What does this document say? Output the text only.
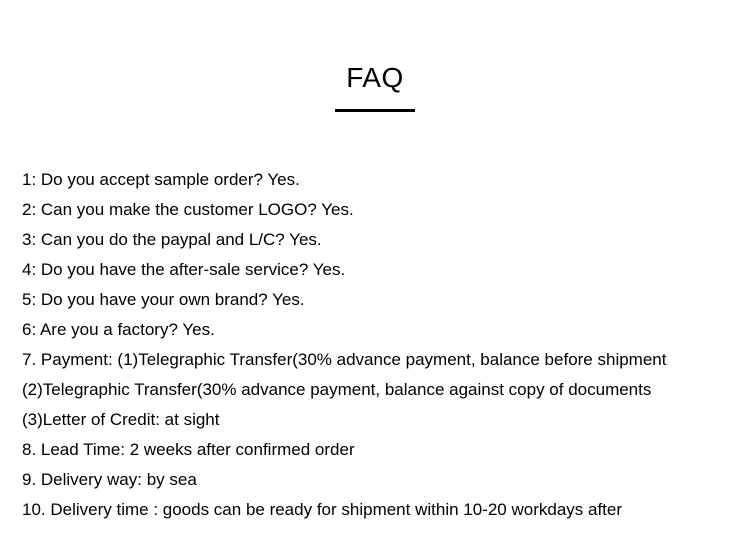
FAQ
1: Do you accept sample order? Yes.
2: Can you make the customer LOGO? Yes.
3: Can you do the paypal and L/C? Yes.
4: Do you have the after-sale service? Yes.
5: Do you have your own brand? Yes.
6: Are you a factory? Yes.
7. Payment: (1)Telegraphic Transfer(30% advance payment, balance before shipment
(2)Telegraphic Transfer(30% advance payment, balance against copy of documents
(3)Letter of Credit: at sight
8. Lead Time: 2 weeks after confirmed order
9. Delivery way: by sea
10. Delivery time : goods can be ready for shipment within 10-20 workdays after
